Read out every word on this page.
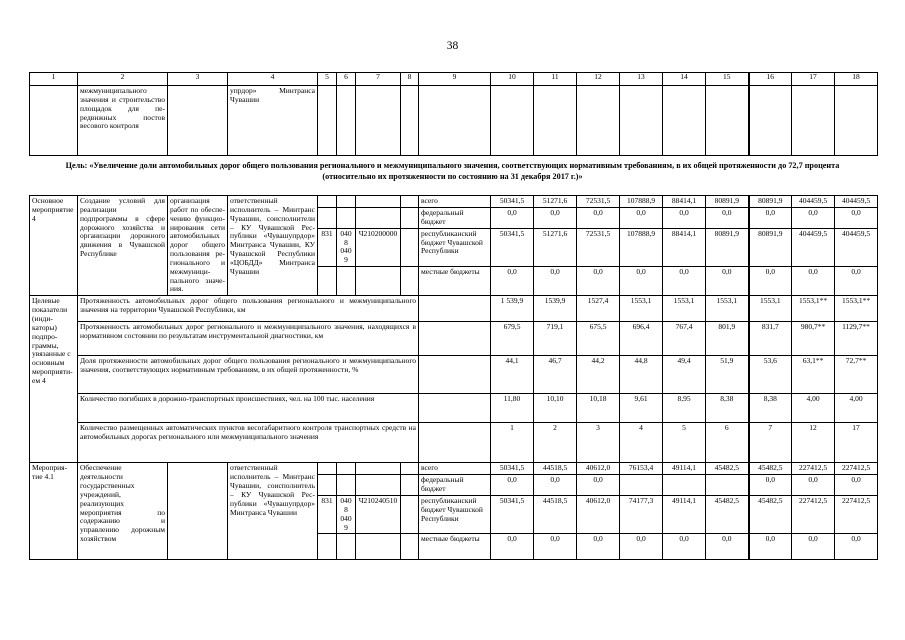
38
1	2	3	4	5	6	7	8	9	10	11	12	13	14	15	16	17	18
	межмуниципального значения и строительство площадок для передвижных постов весового контроля		упрдор» Минтранса Чувашии														
Цель: «Увеличение доли автомобильных дорог общего пользования регионального и межмуниципального значения, соответствующих нормативным требованиям, в их общей протяженности до 72,7 процента (относительно их протяженности по состоянию на 31 декабря 2017 г.)»
Основное мероприятие 4	Создание условий для реализации подпрограммы в сфере дорожного хозяйства и организации дорожного движения в Чувашской Республике	организация работ по обеспечению функционирования сети автомобильных дорог общего пользования регионального и межмуниципального значения.	ответственный исполнитель – Минтранс Чувашии, соисполнители – КУ Чувашской Республики «Чувашупрдор» Минтранса Чувашии, КУ Чувашской Республики «ЦОБДД» Минтранса Чувашии					всего	50341,5	51271,6	72531,5	107888,9	88414,1	80891,9	80891,9	404459,5	404459,5
								федеральный бюджет	0,0	0,0	0,0	0,0	0,0	0,0	0,0	0,0	0,0
				831	0408 0409	Ч210200000		республиканский бюджет Чувашской Республики	50341,5	51271,6	72531,5	107888,9	88414,1	80891,9	80891,9	404459,5	404459,5
								местные бюджеты	0,0	0,0	0,0	0,0	0,0	0,0	0,0	0,0	0,0
Целевые показатели (индикаторы) подпрограммы, увязанные с основным мероприятием 4	Протяженность автомобильных дорог общего пользования регионального и межмуниципального значения на территории Чувашской Республики, км								1 539,9	1539,9	1527,4	1553,1	1553,1	1553,1	1553,1	1553,1**	1553,1**
	Протяженность автомобильных дорог регионального и межмуниципального значения, находящихся в нормативном состоянии по результатам инструментальной диагностики, км								679,5	719,1	675,5	696,4	767,4	801,9	831,7	980,7**	1129,7**
	Доля протяженности автомобильных дорог общего пользования регионального и межмуниципального значения, соответствующих нормативным требованиям, в их общей протяженности, %								44,1	46,7	44,2	44,8	49,4	51,9	53,6	63,1**	72,7**
	Количество погибших в дорожно-транспортных происшествиях, чел. на 100 тыс. населения								11,80	10,10	10,18	9,61	8,95	8,38	8,38	4,00	4,00
	Количество размещенных автоматических пунктов весогабаритного контроля транспортных средств на автомобильных дорогах регионального или межмуниципального значения								1	2	3	4	5	6	7	12	17
Мероприятие 4.1	Обеспечение деятельности государственных учреждений, реализующих мероприятия по содержанию и управлению дорожным хозяйством		ответственный исполнитель – Минтранс Чувашии, соисполнитель – КУ Чувашской Республики «Чувашупрдор» Минтранса Чувашии					всего	50341,5	44518,5	40612,0	76153,4	49114,1	45482,5	45482,5	227412,5	227412,5
								федеральный бюджет	0,0	0,0	0,0				0,0	0,0	0,0
				831	0408 0409	Ч210240510		республиканский бюджет Чувашской Республики	50341,5	44518,5	40612,0	74177,3	49114,1	45482,5	45482,5	227412,5	227412,5
								местные бюджеты	0,0	0,0	0,0	0,0	0,0	0,0	0,0	0,0	0,0
